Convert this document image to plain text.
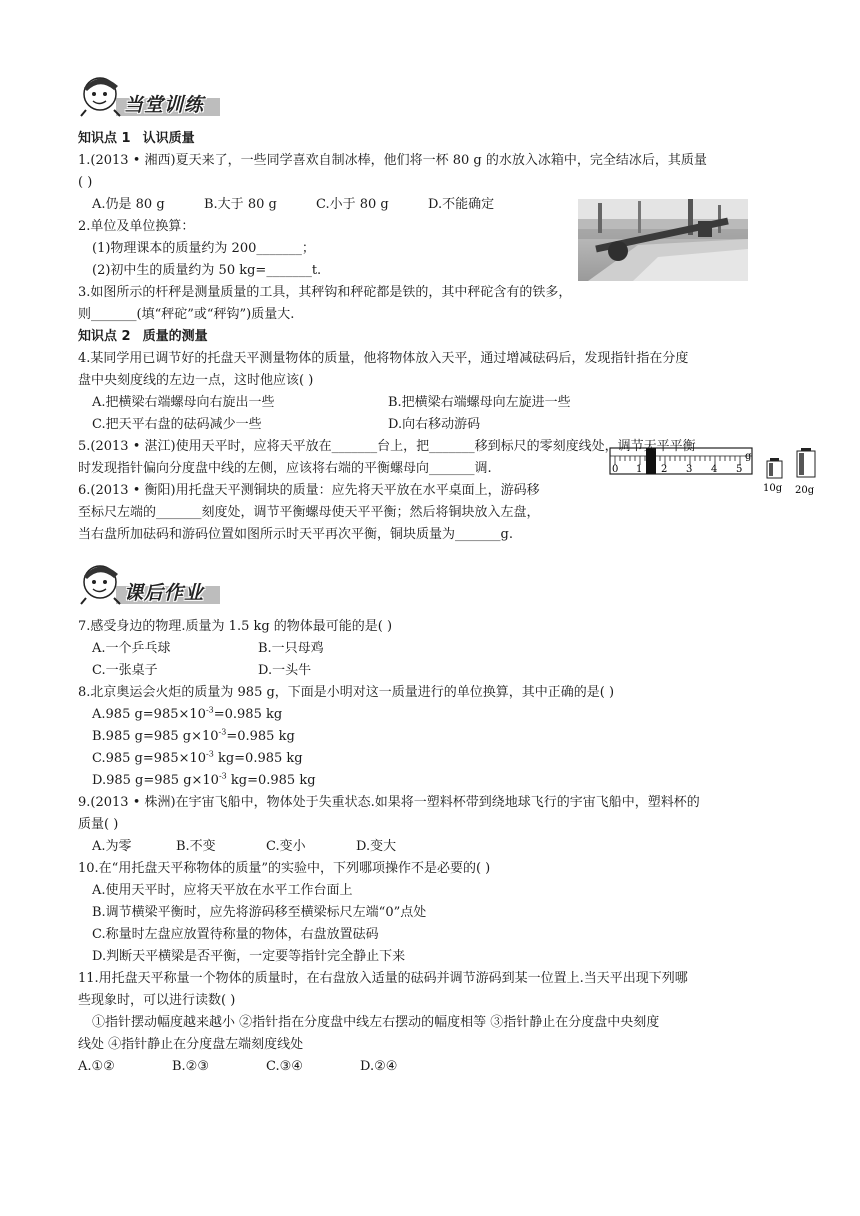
g
0 1 2 3 4 5
10g 20g
当堂训练
知识点 1 认识质量
1.(2013 • 湘西)夏天来了，一些同学喜欢自制冰棒，他们将一杯 80 g 的水放入冰箱中，完全结冰后，其质量
( )
A.仍是 80 g	B.大于 80 g	C.小于 80 g	D.不能确定
2.单位及单位换算：
(1)物理课本的质量约为 200_______；
(2)初中生的质量约为 50 kg=_______t.
3.如图所示的杆秤是测量质量的工具，其秤钩和秤砣都是铁的，其中秤砣含有的铁多，
则_______(填“秤砣”或“秤钩”)质量大.
知识点 2 质量的测量
4.某同学用已调节好的托盘天平测量物体的质量，他将物体放入天平，通过增减砝码后，发现指针指在分度
盘中央刻度线的左边一点，这时他应该( )
A.把横梁右端螺母向右旋出一些	B.把横梁右端螺母向左旋进一些
C.把天平右盘的砝码减少一些	D.向右移动游码
5.(2013 • 湛江)使用天平时，应将天平放在_______台上，把_______移到标尺的零刻度线处，调节天平平衡
时发现指针偏向分度盘中线的左侧，应该将右端的平衡螺母向_______调.
6.(2013 • 衡阳)用托盘天平测铜块的质量：应先将天平放在水平桌面上，游码移
至标尺左端的_______刻度处，调节平衡螺母使天平平衡；然后将铜块放入左盘，
当右盘所加砝码和游码位置如图所示时天平再次平衡，铜块质量为_______g.
课后作业
7.感受身边的物理.质量为 1.5 kg 的物体最可能的是( )
A.一个乒乓球	B.一只母鸡
C.一张桌子	D.一头牛
8.北京奥运会火炬的质量为 985 g，下面是小明对这一质量进行的单位换算，其中正确的是( )
A.985 $g=985\times 10^{-3}=0.985$ kg
B.985 g=985 $g\times 10^{-3}=0.985$ kg
C.985 $g=985\times 10^{-3}$ kg=0.985 kg
D.985 g=985 $g\times 10^{-3}$ kg=0.985 kg
9.(2013 • 株洲)在宇宙飞船中，物体处于失重状态.如果将一塑料杯带到绕地球飞行的宇宙飞船中，塑料杯的
质量( )
A.为零	B.不变	C.变小	D.变大
10.在“用托盘天平称物体的质量”的实验中，下列哪项操作不是必要的( )
A.使用天平时，应将天平放在水平工作台面上
B.调节横梁平衡时，应先将游码移至横梁标尺左端“0”点处
C.称量时左盘应放置待称量的物体，右盘放置砝码
D.判断天平横梁是否平衡，一定要等指针完全静止下来
11.用托盘天平称量一个物体的质量时，在右盘放入适量的砝码并调节游码到某一位置上.当天平出现下列哪
些现象时，可以进行读数( )
①指针摆动幅度越来越小 ②指针指在分度盘中线左右摆动的幅度相等 ③指针静止在分度盘中央刻度
线处 ④指针静止在分度盘左端刻度线处
A.①②	B.②③	C.③④	D.②④
